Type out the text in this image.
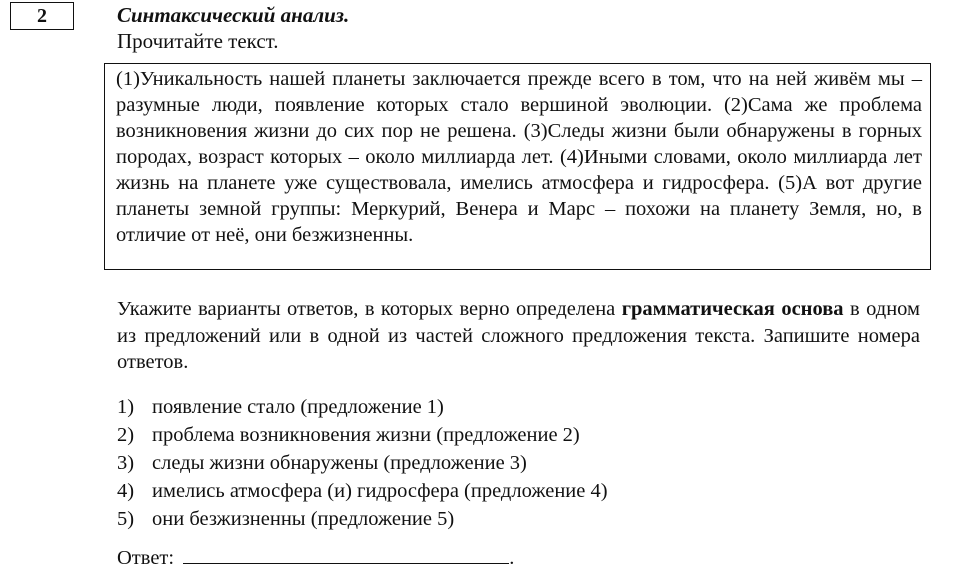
2	Синтаксический анализ.
Прочитайте текст.
(1)Уникальность нашей планеты заключается прежде всего в том, что на ней живём мы – разумные люди, появление которых стало вершиной эволюции. (2)Сама же проблема возникновения жизни до сих пор не решена. (3)Следы жизни были обнаружены в горных породах, возраст которых – около миллиарда лет. (4)Иными словами, около миллиарда лет жизнь на планете уже существовала, имелись атмосфера и гидросфера. (5)А вот другие планеты земной группы: Меркурий, Венера и Марс – похожи на планету Земля, но, в отличие от неё, они безжизненны.
Укажите варианты ответов, в которых верно определена грамматическая основа в одном из предложений или в одной из частей сложного предложения текста. Запишите номера ответов.
1) появление стало (предложение 1)
2) проблема возникновения жизни (предложение 2)
3) следы жизни обнаружены (предложение 3)
4) имелись атмосфера (и) гидросфера (предложение 4)
5) они безжизненны (предложение 5)
Ответ:	.
